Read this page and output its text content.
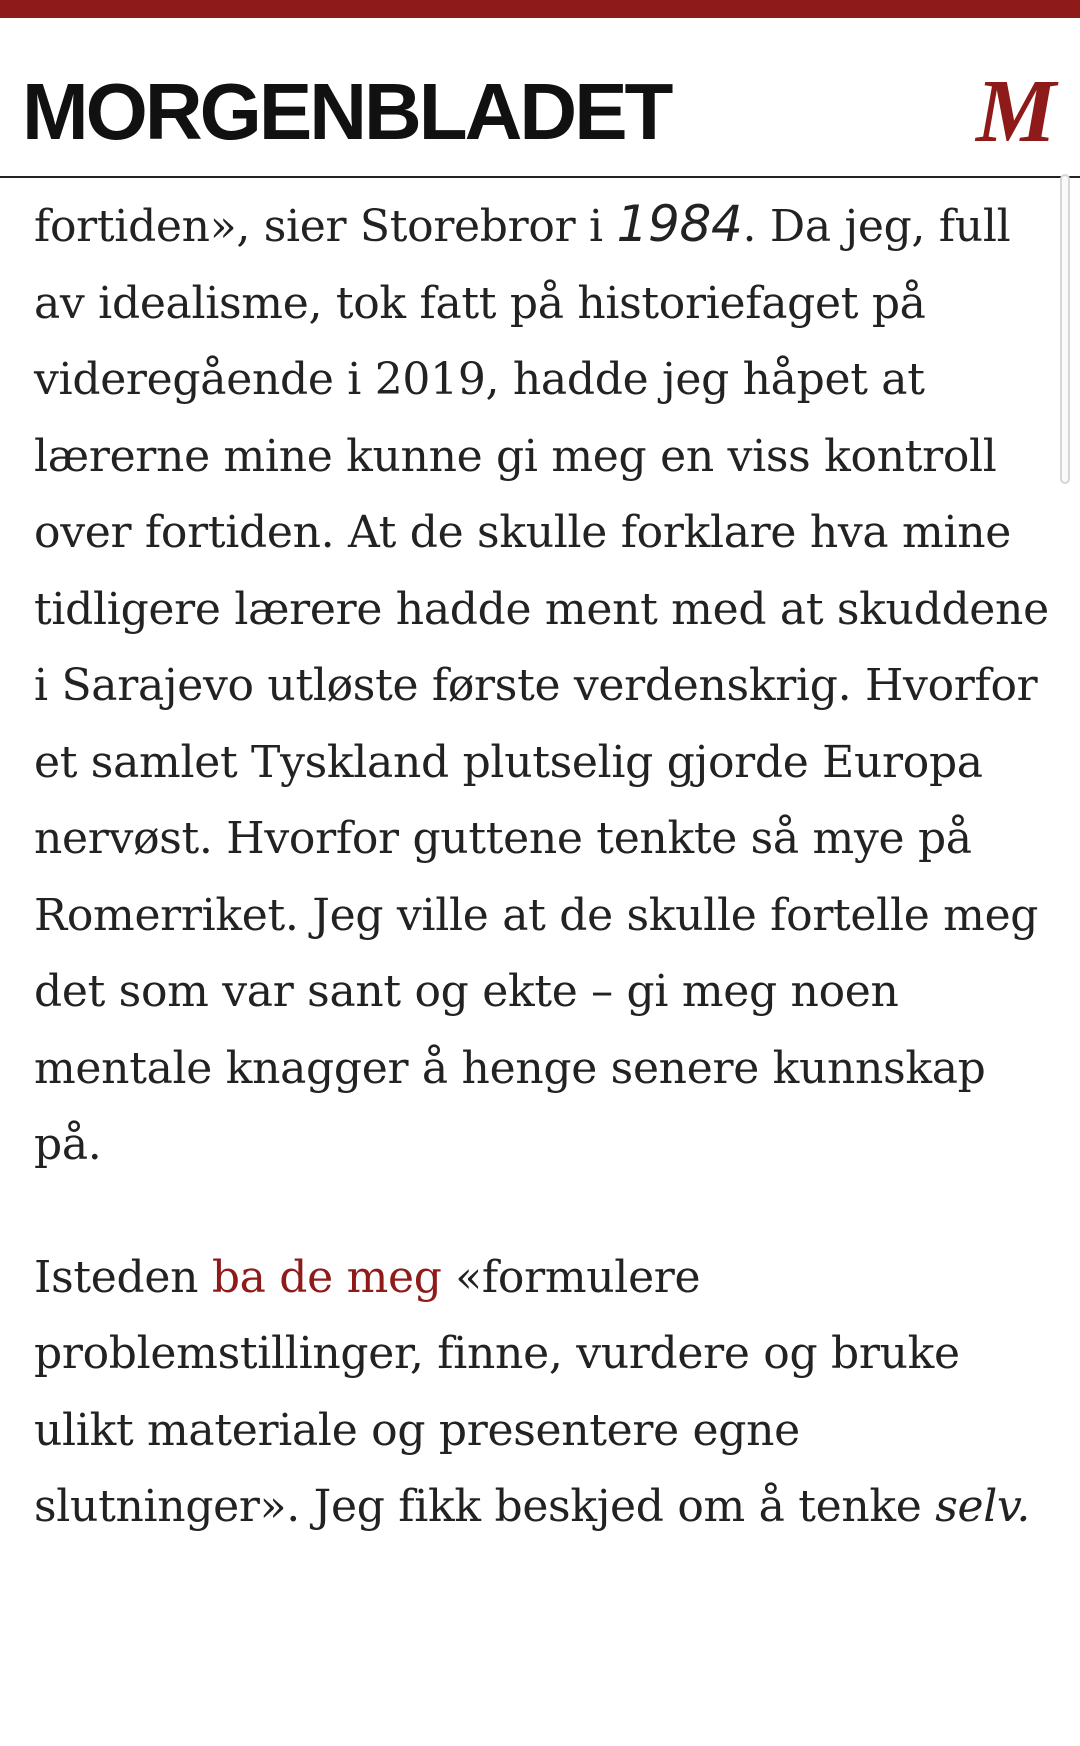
MORGENBLADET	M

fortiden», sier Storebror i 1984. Da jeg, full av idealisme, tok fatt på historiefaget på videregående i 2019, hadde jeg håpet at lærerne mine kunne gi meg en viss kontroll over fortiden. At de skulle forklare hva mine tidligere lærere hadde ment med at skuddene i Sarajevo utløste første verdenskrig. Hvorfor et samlet Tyskland plutselig gjorde Europa nervøst. Hvorfor guttene tenkte så mye på Romerriket. Jeg ville at de skulle fortelle meg det som var sant og ekte – gi meg noen mentale knagger å henge senere kunnskap på.

Isteden ba de meg «formulere problemstillinger, finne, vurdere og bruke ulikt materiale og presentere egne slutninger». Jeg fikk beskjed om å tenke selv.
